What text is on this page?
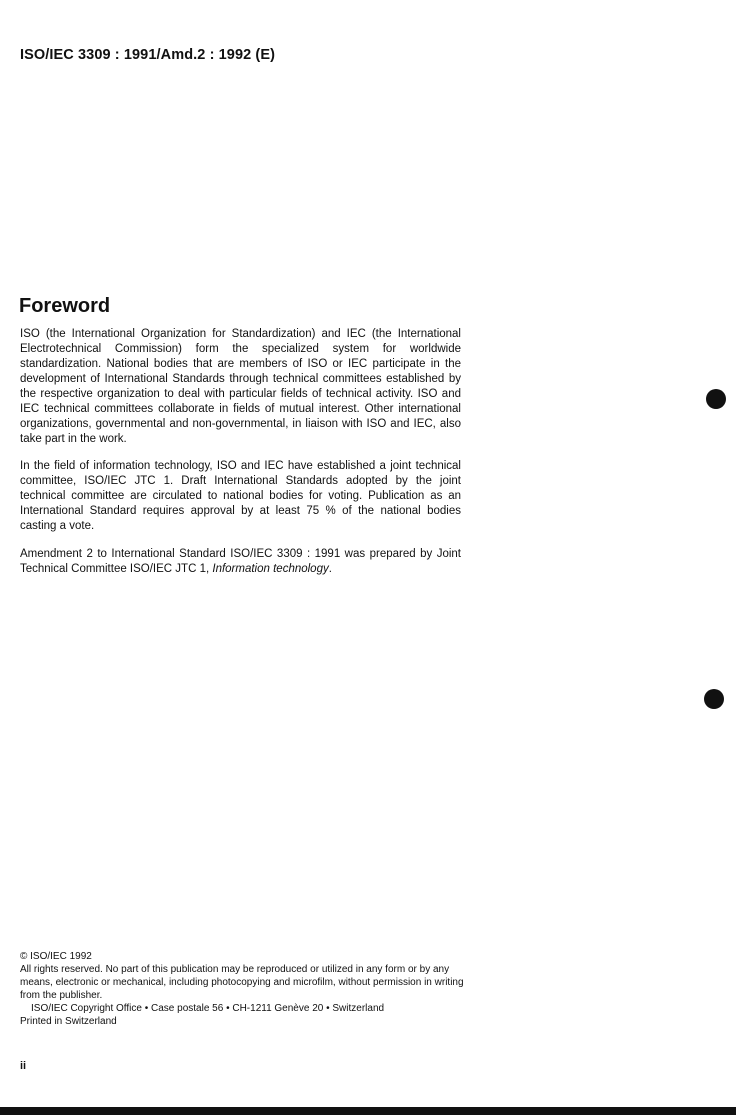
ISO/IEC 3309 : 1991/Amd.2 : 1992 (E)
Foreword

ISO (the International Organization for Standardization) and IEC (the International Electrotechnical Commission) form the specialized system for worldwide standardization. National bodies that are members of ISO or IEC participate in the development of International Standards through technical committees established by the respective organization to deal with particular fields of technical activity. ISO and IEC technical committees collaborate in fields of mutual interest. Other international organizations, governmental and non-governmental, in liaison with ISO and IEC, also take part in the work.

In the field of information technology, ISO and IEC have established a joint technical committee, ISO/IEC JTC 1. Draft International Standards adopted by the joint technical committee are circulated to national bodies for voting. Publication as an International Standard requires approval by at least 75 % of the national bodies casting a vote.

Amendment 2 to International Standard ISO/IEC 3309 : 1991 was prepared by Joint Technical Committee ISO/IEC JTC 1, Information technology.

© ISO/IEC 1992
All rights reserved. No part of this publication may be reproduced or utilized in any form or by any means, electronic or mechanical, including photocopying and microfilm, without permission in writing from the publisher.
ISO/IEC Copyright Office • Case postale 56 • CH-1211 Genève 20 • Switzerland
Printed in Switzerland
ii
